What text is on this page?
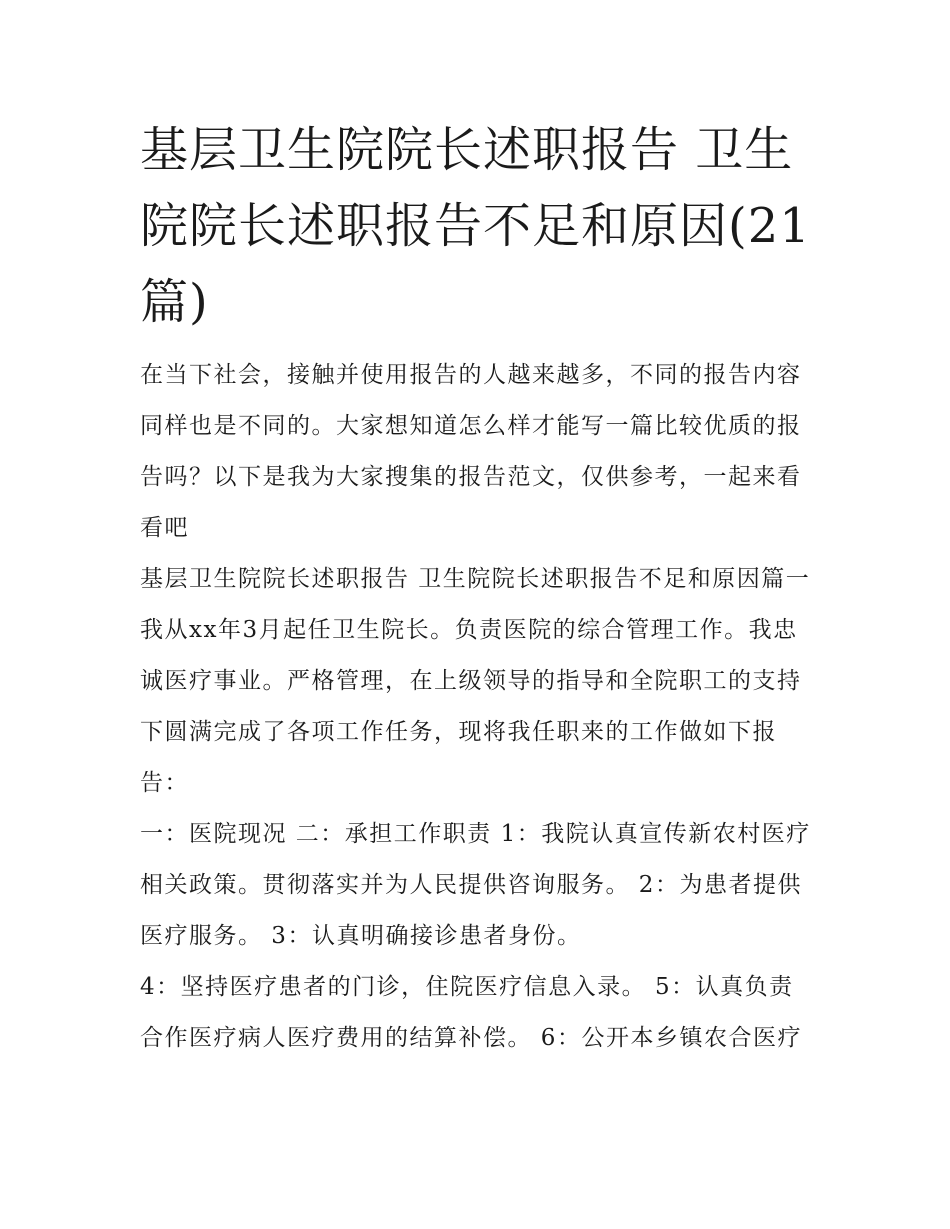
基层卫生院院长述职报告 卫生院院长述职报告不足和原因(21篇)

在当下社会，接触并使用报告的人越来越多，不同的报告内容同样也是不同的。大家想知道怎么样才能写一篇比较优质的报告吗？以下是我为大家搜集的报告范文，仅供参考，一起来看看吧

基层卫生院院长述职报告 卫生院院长述职报告不足和原因篇一

我从xx年3月起任卫生院长。负责医院的综合管理工作。我忠诚医疗事业。严格管理，在上级领导的指导和全院职工的支持下圆满完成了各项工作任务，现将我任职来的工作做如下报告：

一：医院现况 二：承担工作职责 1：我院认真宣传新农村医疗相关政策。贯彻落实并为人民提供咨询服务。 2：为患者提供医疗服务。 3：认真明确接诊患者身份。

4：坚持医疗患者的门诊，住院医疗信息入录。 5：认真负责合作医疗病人医疗费用的结算补偿。 6：公开本乡镇农合医疗
